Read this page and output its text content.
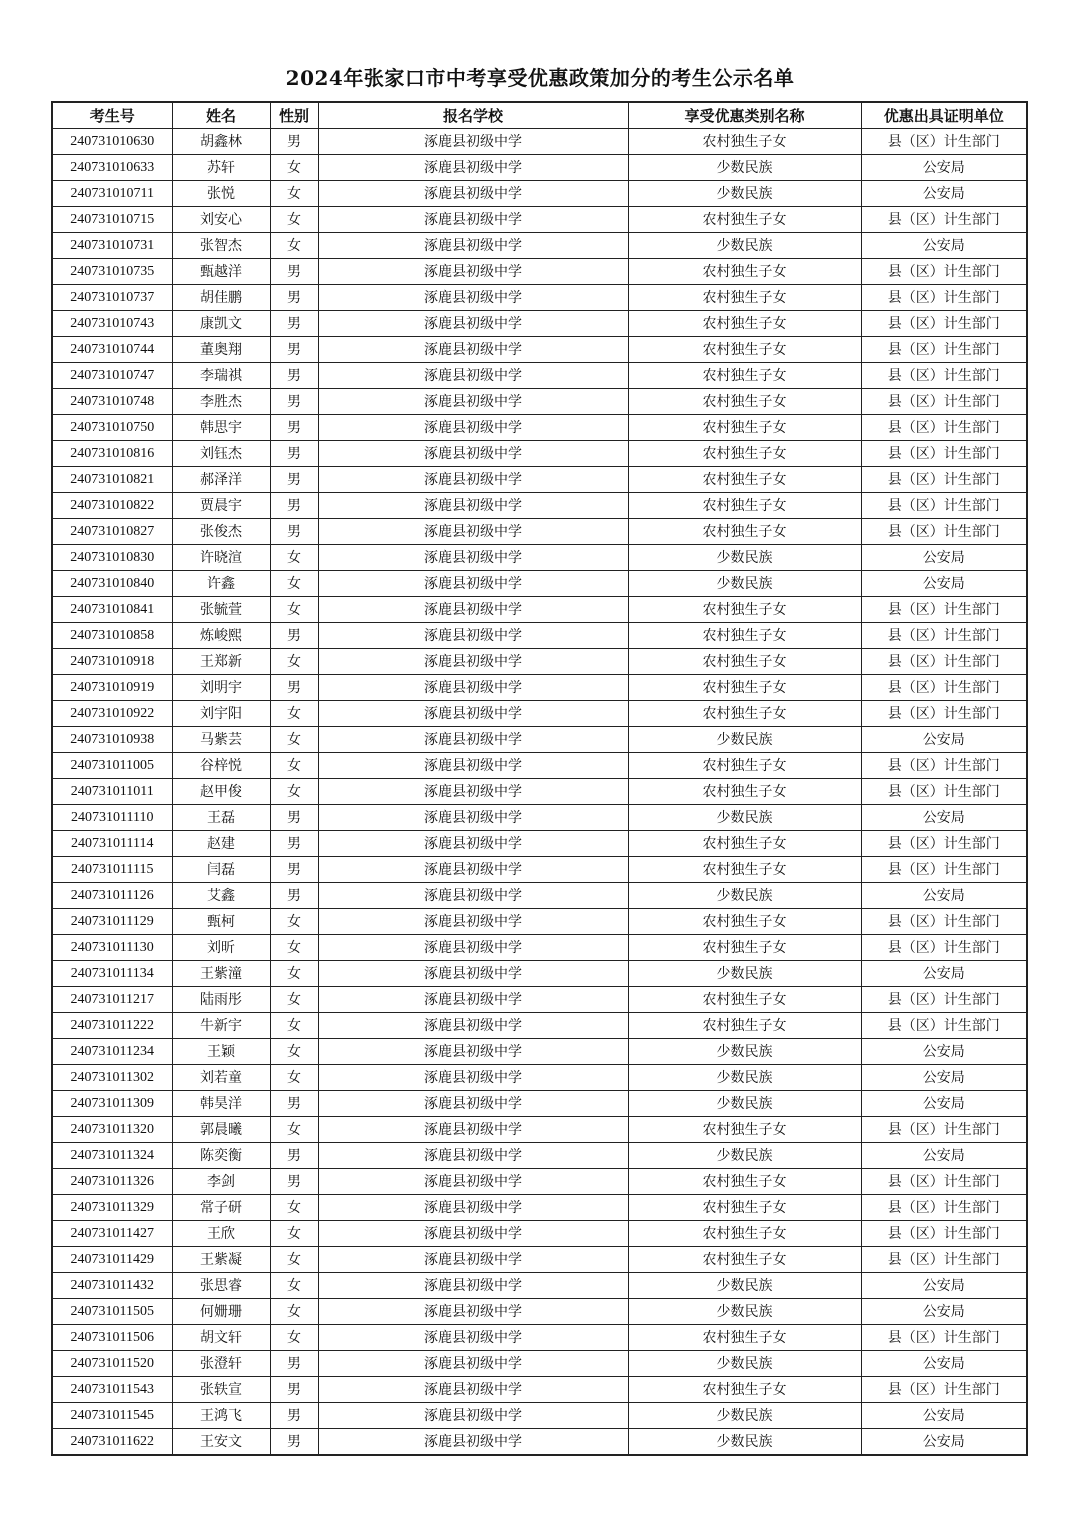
2024年张家口市中考享受优惠政策加分的考生公示名单
考生号	姓名	性别	报名学校	享受优惠类别名称	优惠出具证明单位
240731010630	胡鑫林	男	涿鹿县初级中学	农村独生子女	县（区）计生部门
240731010633	苏轩	女	涿鹿县初级中学	少数民族	公安局
240731010711	张悦	女	涿鹿县初级中学	少数民族	公安局
240731010715	刘安心	女	涿鹿县初级中学	农村独生子女	县（区）计生部门
240731010731	张智杰	女	涿鹿县初级中学	少数民族	公安局
240731010735	甄越洋	男	涿鹿县初级中学	农村独生子女	县（区）计生部门
240731010737	胡佳鹏	男	涿鹿县初级中学	农村独生子女	县（区）计生部门
240731010743	康凯文	男	涿鹿县初级中学	农村独生子女	县（区）计生部门
240731010744	董奥翔	男	涿鹿县初级中学	农村独生子女	县（区）计生部门
240731010747	李瑞祺	男	涿鹿县初级中学	农村独生子女	县（区）计生部门
240731010748	李胜杰	男	涿鹿县初级中学	农村独生子女	县（区）计生部门
240731010750	韩思宇	男	涿鹿县初级中学	农村独生子女	县（区）计生部门
240731010816	刘钰杰	男	涿鹿县初级中学	农村独生子女	县（区）计生部门
240731010821	郝泽洋	男	涿鹿县初级中学	农村独生子女	县（区）计生部门
240731010822	贾晨宇	男	涿鹿县初级中学	农村独生子女	县（区）计生部门
240731010827	张俊杰	男	涿鹿县初级中学	农村独生子女	县（区）计生部门
240731010830	许晓渲	女	涿鹿县初级中学	少数民族	公安局
240731010840	许鑫	女	涿鹿县初级中学	少数民族	公安局
240731010841	张毓萱	女	涿鹿县初级中学	农村独生子女	县（区）计生部门
240731010858	炼峻熙	男	涿鹿县初级中学	农村独生子女	县（区）计生部门
240731010918	王郑新	女	涿鹿县初级中学	农村独生子女	县（区）计生部门
240731010919	刘明宇	男	涿鹿县初级中学	农村独生子女	县（区）计生部门
240731010922	刘宇阳	女	涿鹿县初级中学	农村独生子女	县（区）计生部门
240731010938	马紫芸	女	涿鹿县初级中学	少数民族	公安局
240731011005	谷梓悦	女	涿鹿县初级中学	农村独生子女	县（区）计生部门
240731011011	赵甲俊	女	涿鹿县初级中学	农村独生子女	县（区）计生部门
240731011110	王磊	男	涿鹿县初级中学	少数民族	公安局
240731011114	赵建	男	涿鹿县初级中学	农村独生子女	县（区）计生部门
240731011115	闫磊	男	涿鹿县初级中学	农村独生子女	县（区）计生部门
240731011126	艾鑫	男	涿鹿县初级中学	少数民族	公安局
240731011129	甄柯	女	涿鹿县初级中学	农村独生子女	县（区）计生部门
240731011130	刘昕	女	涿鹿县初级中学	农村独生子女	县（区）计生部门
240731011134	王紫潼	女	涿鹿县初级中学	少数民族	公安局
240731011217	陆雨彤	女	涿鹿县初级中学	农村独生子女	县（区）计生部门
240731011222	牛新宇	女	涿鹿县初级中学	农村独生子女	县（区）计生部门
240731011234	王颖	女	涿鹿县初级中学	少数民族	公安局
240731011302	刘若童	女	涿鹿县初级中学	少数民族	公安局
240731011309	韩昊洋	男	涿鹿县初级中学	少数民族	公安局
240731011320	郭晨曦	女	涿鹿县初级中学	农村独生子女	县（区）计生部门
240731011324	陈奕衡	男	涿鹿县初级中学	少数民族	公安局
240731011326	李剑	男	涿鹿县初级中学	农村独生子女	县（区）计生部门
240731011329	常子研	女	涿鹿县初级中学	农村独生子女	县（区）计生部门
240731011427	王欣	女	涿鹿县初级中学	农村独生子女	县（区）计生部门
240731011429	王紫凝	女	涿鹿县初级中学	农村独生子女	县（区）计生部门
240731011432	张思睿	女	涿鹿县初级中学	少数民族	公安局
240731011505	何姗珊	女	涿鹿县初级中学	少数民族	公安局
240731011506	胡文轩	女	涿鹿县初级中学	农村独生子女	县（区）计生部门
240731011520	张澄轩	男	涿鹿县初级中学	少数民族	公安局
240731011543	张轶宣	男	涿鹿县初级中学	农村独生子女	县（区）计生部门
240731011545	王鸿飞	男	涿鹿县初级中学	少数民族	公安局
240731011622	王安文	男	涿鹿县初级中学	少数民族	公安局
